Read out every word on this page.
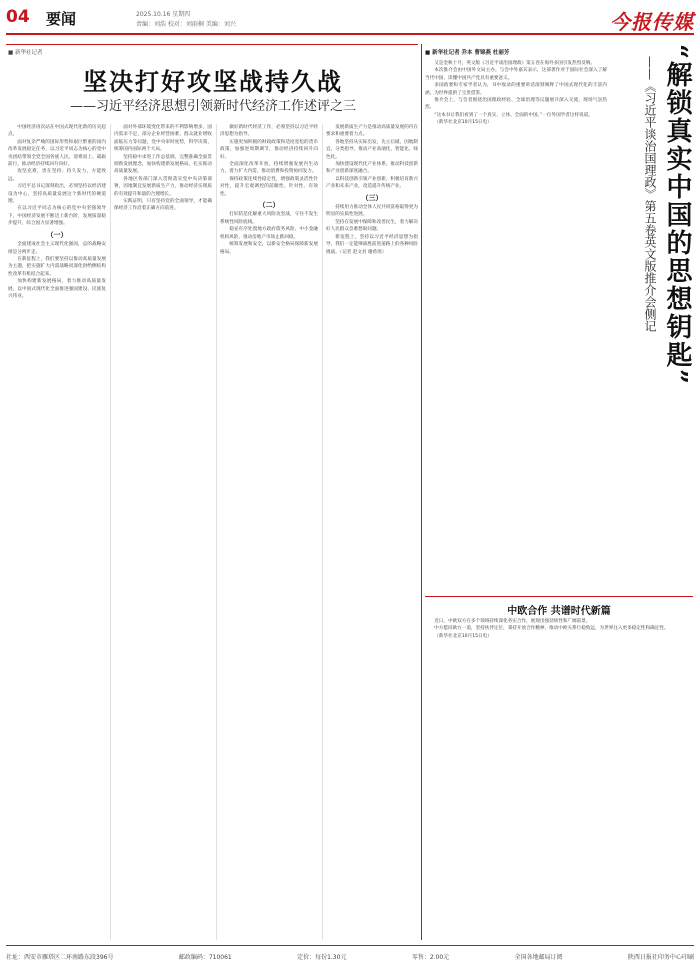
04 要闻	2025.10.16 星期四
责编：刘浩 校对：刘雨桐 美编：刘兴	今报传媒
■ 新华社记者
坚决打好攻坚战持久战
——习近平经济思想引领新时代经济工作述评之三

中国经济再次站在中国式现代化新的历史起点。

面对复杂严峻的国际形势和艰巨繁重的国内改革发展稳定任务，以习近平同志为核心的党中央团结带领全党全国各族人民，迎难而上、砥砺前行，推动经济持续回升向好。

攻坚克难，贵在坚持；持久发力，方能致远。

习近平总书记深刻指出，必须坚持以经济建设为中心，坚持高质量发展这个新时代的硬道理。

在以习近平同志为核心的党中央坚强领导下，中国经济发展不断迈上新台阶，发展质量稳步提升，综合国力显著增强。

（一）

全面建成社会主义现代化强国，总的战略安排是分两步走。

在新征程上，我们要坚持以推动高质量发展为主题，把实施扩大内需战略同深化供给侧结构性改革有机结合起来。

加快构建新发展格局，着力推动高质量发展，以中国式现代化全面推进强国建设、民族复兴伟业。

面对外部环境变化带来的不利影响增多，国内需求不足、部分企业经营困难、群众就业增收面临压力等问题，党中央审时度势，科学决策，统筹国内国际两个大局。

坚持稳中求进工作总基调，完整准确全面贯彻新发展理念，加快构建新发展格局，扎实推动高质量发展。

各地区各部门深入贯彻落实党中央决策部署，因地制宜发展新质生产力，推动经济实现质的有效提升和量的合理增长。

实践证明，只有坚持党的全面领导，才能确保经济工作沿着正确方向前进。

做好新时代经济工作，必须坚持以习近平经济思想为指导。

实施更加积极的财政政策和适度宽松的货币政策，加强逆周期调节，推动经济持续回升向好。

全面深化改革开放，持续增强发展内生动力，着力扩大内需，推动消费和投资协同发力。

保持政策连续性稳定性，增强政策灵活性针对性，提升宏观调控的前瞻性、针对性、有效性。

（二）

打好防范化解重大风险攻坚战，守住不发生系统性风险底线。

稳妥有序处置地方政府债务风险、中小金融机构风险，推动房地产市场止跌回稳。

统筹发展和安全，以新安全格局保障新发展格局。

发展新质生产力是推动高质量发展的内在要求和重要着力点。

各地坚持从实际出发，先立后破、因地制宜、分类指导，推动产业高端化、智能化、绿色化。

加快建设现代化产业体系，推动科技创新和产业创新深度融合。

以科技创新引领产业创新，积极培育新兴产业和未来产业，改造提升传统产业。

（三）

持续用力推动全体人民共同富裕取得更为明显的实质性进展。

坚持在发展中保障和改善民生，着力解决好人民群众急难愁盼问题。

新征程上，坚持以习近平经济思想为指导，我们一定能够战胜前进道路上的各种风险挑战。（记者 赵文君 谢希瑶）

■ 新华社记者 乔本 曹锦燕 杜丽芳

又是金秋十月，英文版《习近平谈治国理政》第五卷在海外多国引发热烈反响。

本次推介会由中国外文局主办。与会中外嘉宾表示，这部著作对于国际社会深入了解当代中国、读懂中国共产党具有重要意义。

多国政要和专家学者认为，书中收录的重要讲话深刻阐释了中国式现代化的丰富内涵，为世界提供了宝贵借鉴。

推介会上，与会者围绕治国理政经验、全球治理等议题展开深入交流，现场气氛热烈。

“这本书让我们看到了一个真实、立体、全面的中国。”一位外国学者这样说道。

（新华社北京10月15日电）	“解锁真实中国的思想钥匙”
——《习近平谈治国理政》第五卷英文版推介会侧记
中欧合作 共谱时代新篇

近日，中欧双方在多个领域持续深化务实合作，展现出强劲韧性和广阔前景。

中方愿同欧方一道，坚持伙伴定位，秉持开放合作精神，推动中欧关系行稳致远，为世界注入更多稳定性和确定性。

（新华社北京10月15日电）

社址：西安市雁塔区二环南路东段396号	邮政编码：710061	定价：每份1.30元	零售：2.00元	全国各地邮局订阅	陕西日报社印务中心印刷
